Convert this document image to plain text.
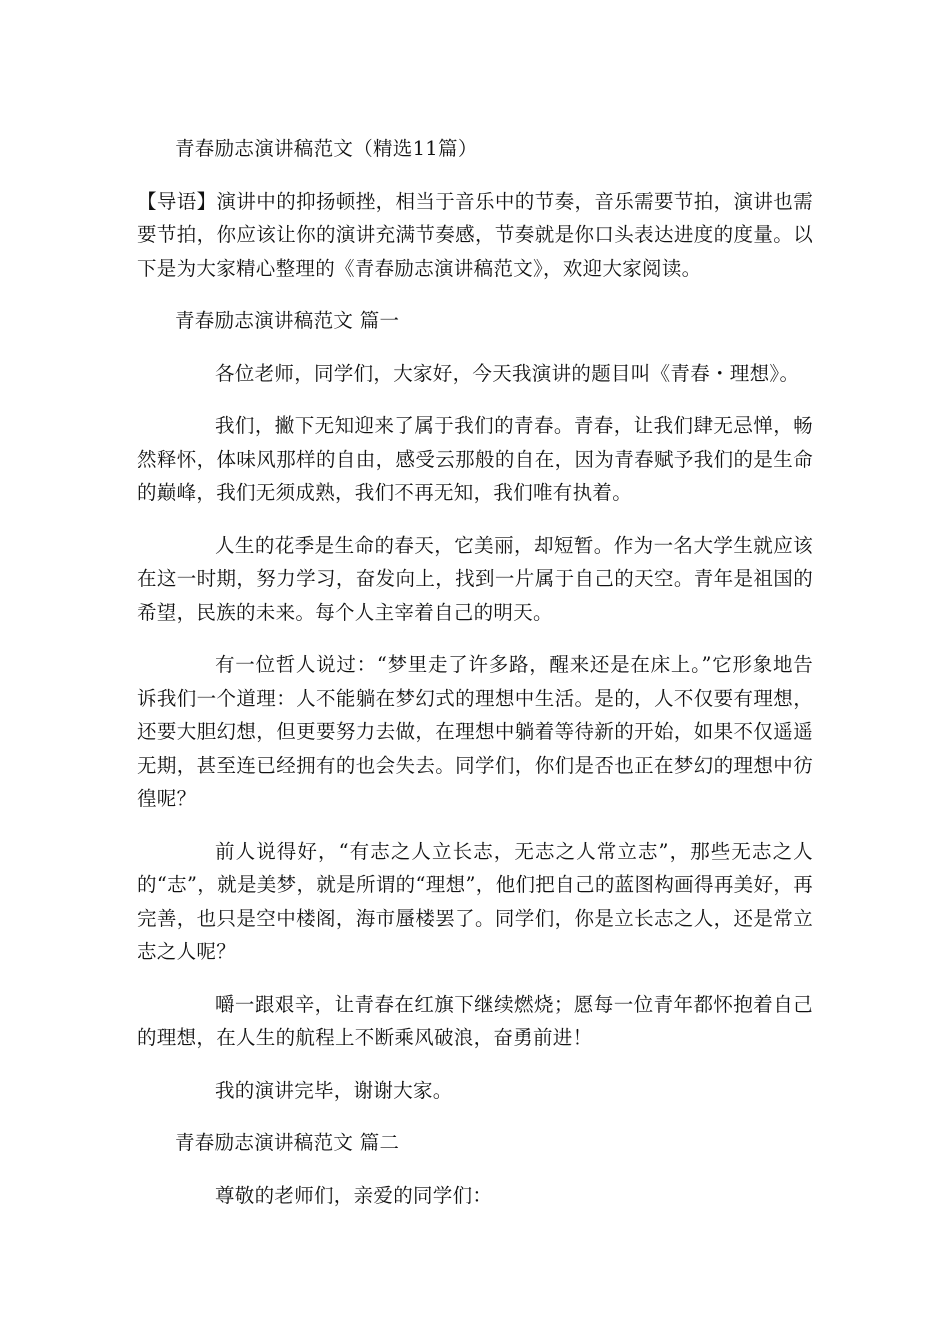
青春励志演讲稿范文（精选11篇）

【导语】演讲中的抑扬顿挫，相当于音乐中的节奏，音乐需要节拍，演讲也需要节拍，你应该让你的演讲充满节奏感，节奏就是你口头表达进度的度量。以下是为大家精心整理的《青春励志演讲稿范文》，欢迎大家阅读。

青春励志演讲稿范文 篇一

各位老师，同学们，大家好，今天我演讲的题目叫《青春・理想》。

我们，撇下无知迎来了属于我们的青春。青春，让我们肆无忌惮，畅然释怀，体味风那样的自由，感受云那般的自在，因为青春赋予我们的是生命的巅峰，我们无须成熟，我们不再无知，我们唯有执着。

人生的花季是生命的春天，它美丽，却短暂。作为一名大学生就应该在这一时期，努力学习，奋发向上，找到一片属于自己的天空。青年是祖国的希望，民族的未来。每个人主宰着自己的明天。

有一位哲人说过：“梦里走了许多路，醒来还是在床上。”它形象地告诉我们一个道理：人不能躺在梦幻式的理想中生活。是的，人不仅要有理想，还要大胆幻想，但更要努力去做，在理想中躺着等待新的开始，如果不仅遥遥无期，甚至连已经拥有的也会失去。同学们，你们是否也正在梦幻的理想中彷徨呢？

前人说得好，“有志之人立长志，无志之人常立志”，那些无志之人的“志”，就是美梦，就是所谓的“理想”，他们把自己的蓝图构画得再美好，再完善，也只是空中楼阁，海市蜃楼罢了。同学们，你是立长志之人，还是常立志之人呢？

嚼一跟艰辛，让青春在红旗下继续燃烧；愿每一位青年都怀抱着自己的理想，在人生的航程上不断乘风破浪，奋勇前进！

我的演讲完毕，谢谢大家。

青春励志演讲稿范文 篇二

尊敬的老师们，亲爱的同学们：
